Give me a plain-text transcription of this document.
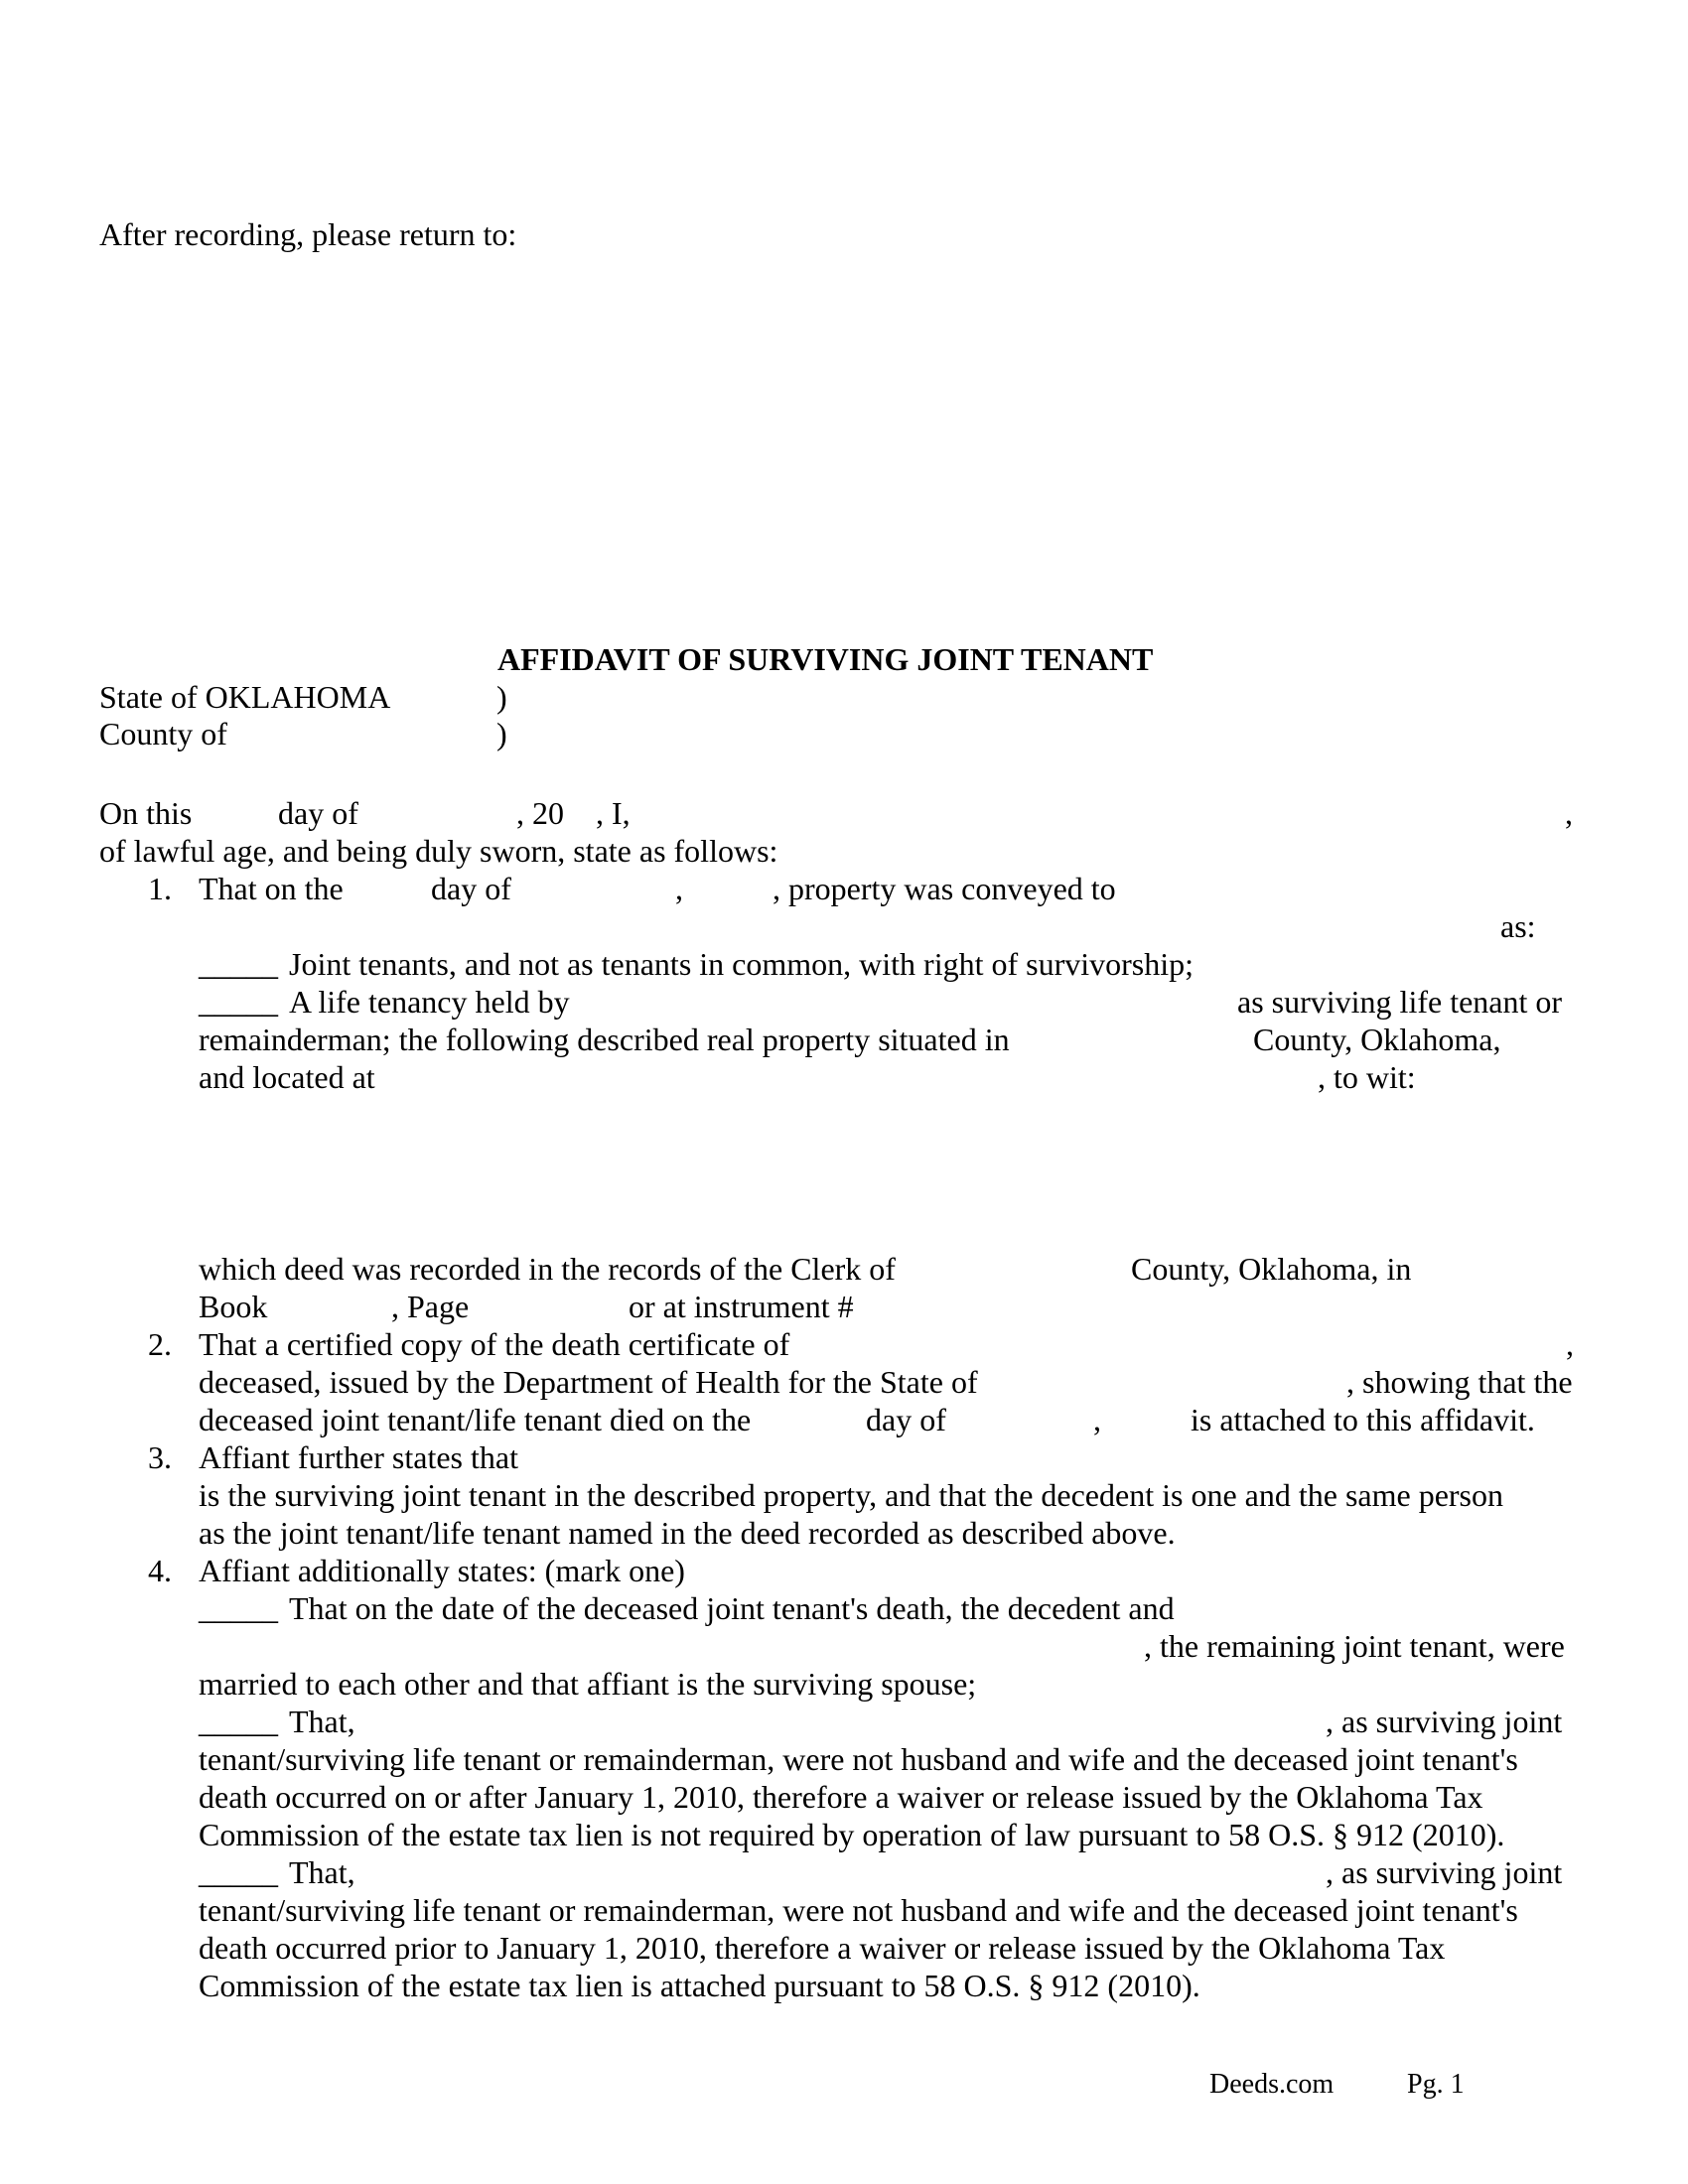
After recording, please return to:
AFFIDAVIT OF SURVIVING JOINT TENANT
State of OKLAHOMA	)
County of	)
On this	day of	, 20 , I,	,
of lawful age, and being duly sworn, state as follows:
1. That on the	day of	,	, property was conveyed to
as:
_____ Joint tenants, and not as tenants in common, with right of survivorship;
_____ A life tenancy held by	as surviving life tenant or
remainderman; the following described real property situated in	County, Oklahoma,
and located at	, to wit:
which deed was recorded in the records of the Clerk of	County, Oklahoma, in
Book	, Page	or at instrument #
2. That a certified copy of the death certificate of	,
deceased, issued by the Department of Health for the State of	, showing that the
deceased joint tenant/life tenant died on the	day of	,	is attached to this affidavit.
3. Affiant further states that
is the surviving joint tenant in the described property, and that the decedent is one and the same person
as the joint tenant/life tenant named in the deed recorded as described above.
4. Affiant additionally states: (mark one)
_____ That on the date of the deceased joint tenant's death, the decedent and
, the remaining joint tenant, were
married to each other and that affiant is the surviving spouse;
_____ That,	, as surviving joint
tenant/surviving life tenant or remainderman, were not husband and wife and the deceased joint tenant's
death occurred on or after January 1, 2010, therefore a waiver or release issued by the Oklahoma Tax
Commission of the estate tax lien is not required by operation of law pursuant to 58 O.S. § 912 (2010).
_____ That,	, as surviving joint
tenant/surviving life tenant or remainderman, were not husband and wife and the deceased joint tenant's
death occurred prior to January 1, 2010, therefore a waiver or release issued by the Oklahoma Tax
Commission of the estate tax lien is attached pursuant to 58 O.S. § 912 (2010).
Deeds.com	Pg. 1
